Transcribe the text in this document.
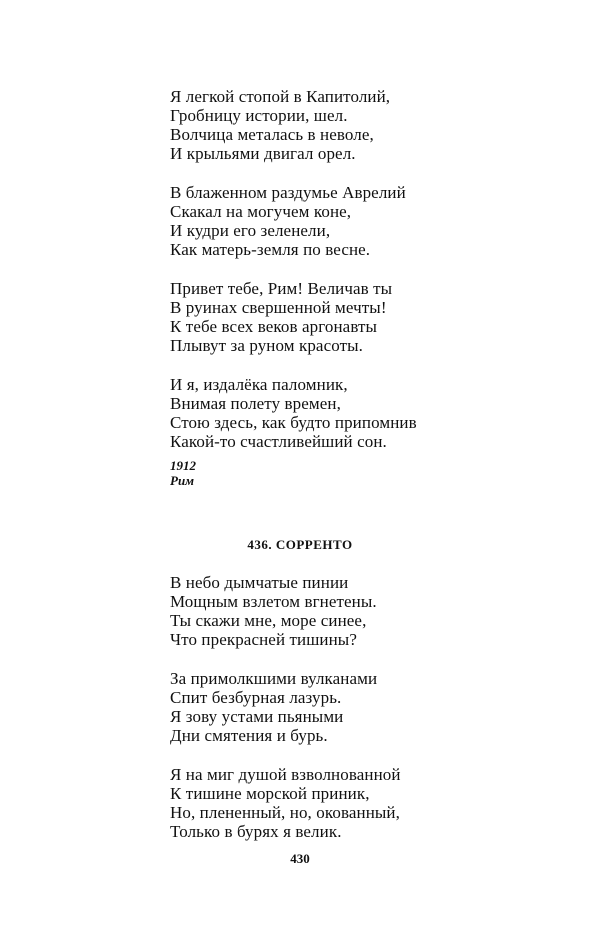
Я легкой стопой в Капитолий,
Гробницу истории, шел.
Волчица металась в неволе,
И крыльями двигал орел.
В блаженном раздумье Аврелий
Скакал на могучем коне,
И кудри его зеленели,
Как матерь-земля по весне.
Привет тебе, Рим! Величав ты
В руинах свершенной мечты!
К тебе всех веков аргонавты
Плывут за руном красоты.
И я, издалёка паломник,
Внимая полету времен,
Стою здесь, как будто припомнив
Какой-то счастливейший сон.
1912
Рим
436. СОРРЕНТО
В небо дымчатые пинии
Мощным взлетом вгнетены.
Ты скажи мне, море синее,
Что прекрасней тишины?
За примолкшими вулканами
Спит безбурная лазурь.
Я зову устами пьяными
Дни смятения и бурь.
Я на миг душой взволнованной
К тишине морской приник,
Но, плененный, но, окованный,
Только в бурях я велик.
430
